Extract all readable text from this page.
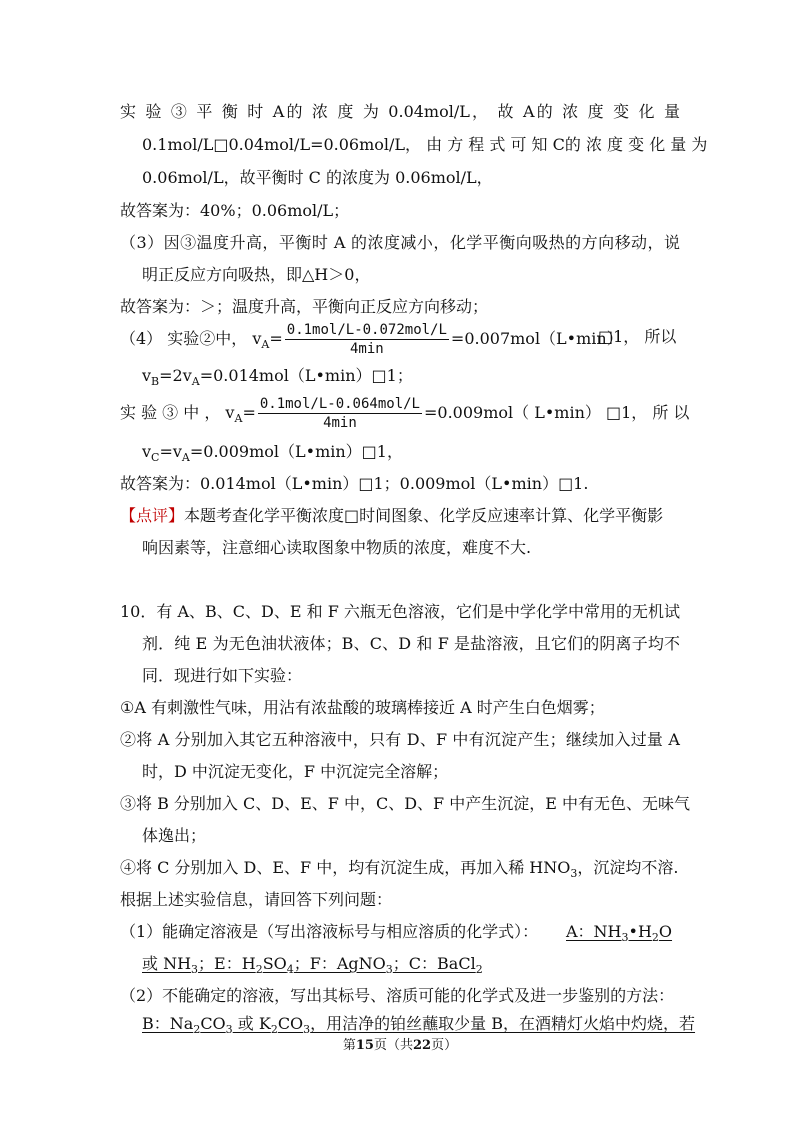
实 验 ③ 平 衡 时 A的 浓 度 为 0.04mol/L， 故 A的 浓 度 变 化 量
0.1mol/L□0.04mol/L=0.06mol/L， 由 方 程 式 可 知 C的 浓 度 变 化 量 为
0.06mol/L，故平衡时 C 的浓度为 0.06mol/L，
故答案为：40%；0.06mol/L；
（3）因③温度升高，平衡时 A 的浓度减小，化学平衡向吸热的方向移动，说
明正反应方向吸热，即△H＞0，
故答案为：＞；温度升高，平衡向正反应方向移动；
（4） 实验②中， $v_A= \frac{\text{0.1mol/L-0.072mol/L}}{4\min}$ =0.007mol（L•min）
□1， 所以
$v_B=2v_A=0.014mol(L•\min)□1$；
实 验 ③ 中 ， $v_A= \frac{\text{0.1mol/L-0.064mol/L}}{4\min} =0.009mol$（ L•min） □1， 所 以
$v_C=v_A=0.009mol(L•\min)□1$，
故答案为：0.014mol（L•min）□1；0.009mol（L•min）□1.
【点评】本题考查化学平衡浓度□时间图象、化学反应速率计算、化学平衡影
响因素等，注意细心读取图象中物质的浓度，难度不大.
10．有 A、B、C、D、E 和 F 六瓶无色溶液，它们是中学化学中常用的无机试
剂．纯 E 为无色油状液体；B、C、D 和 F 是盐溶液，且它们的阴离子均不
同．现进行如下实验：
①A 有刺激性气味，用沾有浓盐酸的玻璃棒接近 A 时产生白色烟雾；
②将 A 分别加入其它五种溶液中，只有 D、F 中有沉淀产生；继续加入过量 A
时，D 中沉淀无变化，F 中沉淀完全溶解；
③将 B 分别加入 C、D、E、F 中，C、D、F 中产生沉淀，E 中有无色、无味气
体逸出；
④将 C 分别加入 D、E、F 中，均有沉淀生成，再加入稀 $HNO_3$，沉淀均不溶.
根据上述实验信息，请回答下列问题：
（1）能确定溶液是（写出溶液标号与相应溶质的化学式）： A：$NH_3•H_2O$
或 $NH_3$；E：$H_2SO_4$；F：AgNO$_3$；C：BaCl$_2$
（2）不能确定的溶液，写出其标号、溶质可能的化学式及进一步鉴别的方法：
B：$Na_2CO_3$ 或 $K_2CO_3$，用洁净的铂丝蘸取少量 B，在酒精灯火焰中灼烧，若
第15页（共22页）
